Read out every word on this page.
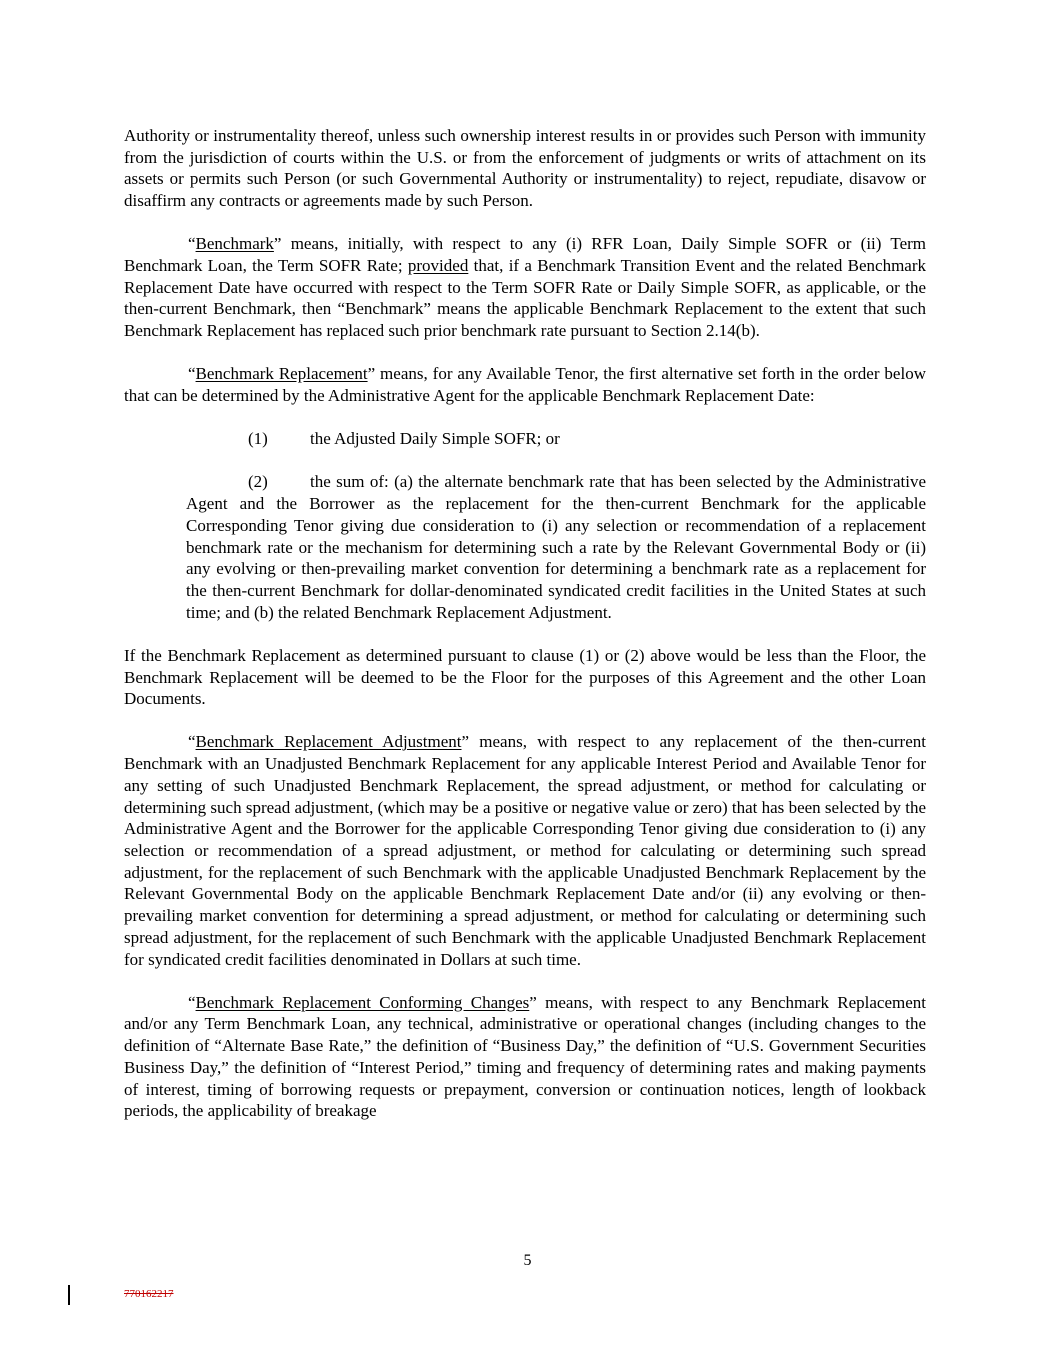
Authority or instrumentality thereof, unless such ownership interest results in or provides such Person with immunity from the jurisdiction of courts within the U.S. or from the enforcement of judgments or writs of attachment on its assets or permits such Person (or such Governmental Authority or instrumentality) to reject, repudiate, disavow or disaffirm any contracts or agreements made by such Person.

“Benchmark” means, initially, with respect to any (i) RFR Loan, Daily Simple SOFR or (ii) Term Benchmark Loan, the Term SOFR Rate; provided that, if a Benchmark Transition Event and the related Benchmark Replacement Date have occurred with respect to the Term SOFR Rate or Daily Simple SOFR, as applicable, or the then-current Benchmark, then “Benchmark” means the applicable Benchmark Replacement to the extent that such Benchmark Replacement has replaced such prior benchmark rate pursuant to Section 2.14(b).

“Benchmark Replacement” means, for any Available Tenor, the first alternative set forth in the order below that can be determined by the Administrative Agent for the applicable Benchmark Replacement Date:

(1) the Adjusted Daily Simple SOFR; or

(2) the sum of: (a) the alternate benchmark rate that has been selected by the Administrative Agent and the Borrower as the replacement for the then-current Benchmark for the applicable Corresponding Tenor giving due consideration to (i) any selection or recommendation of a replacement benchmark rate or the mechanism for determining such a rate by the Relevant Governmental Body or (ii) any evolving or then-prevailing market convention for determining a benchmark rate as a replacement for the then-current Benchmark for dollar-denominated syndicated credit facilities in the United States at such time; and (b) the related Benchmark Replacement Adjustment.

If the Benchmark Replacement as determined pursuant to clause (1) or (2) above would be less than the Floor, the Benchmark Replacement will be deemed to be the Floor for the purposes of this Agreement and the other Loan Documents.

“Benchmark Replacement Adjustment” means, with respect to any replacement of the then-current Benchmark with an Unadjusted Benchmark Replacement for any applicable Interest Period and Available Tenor for any setting of such Unadjusted Benchmark Replacement, the spread adjustment, or method for calculating or determining such spread adjustment, (which may be a positive or negative value or zero) that has been selected by the Administrative Agent and the Borrower for the applicable Corresponding Tenor giving due consideration to (i) any selection or recommendation of a spread adjustment, or method for calculating or determining such spread adjustment, for the replacement of such Benchmark with the applicable Unadjusted Benchmark Replacement by the Relevant Governmental Body on the applicable Benchmark Replacement Date and/or (ii) any evolving or then-prevailing market convention for determining a spread adjustment, or method for calculating or determining such spread adjustment, for the replacement of such Benchmark with the applicable Unadjusted Benchmark Replacement for syndicated credit facilities denominated in Dollars at such time.

“Benchmark Replacement Conforming Changes” means, with respect to any Benchmark Replacement and/or any Term Benchmark Loan, any technical, administrative or operational changes (including changes to the definition of “Alternate Base Rate,” the definition of “Business Day,” the definition of “U.S. Government Securities Business Day,” the definition of “Interest Period,” timing and frequency of determining rates and making payments of interest, timing of borrowing requests or prepayment, conversion or continuation notices, length of lookback periods, the applicability of breakage

5
770162217
